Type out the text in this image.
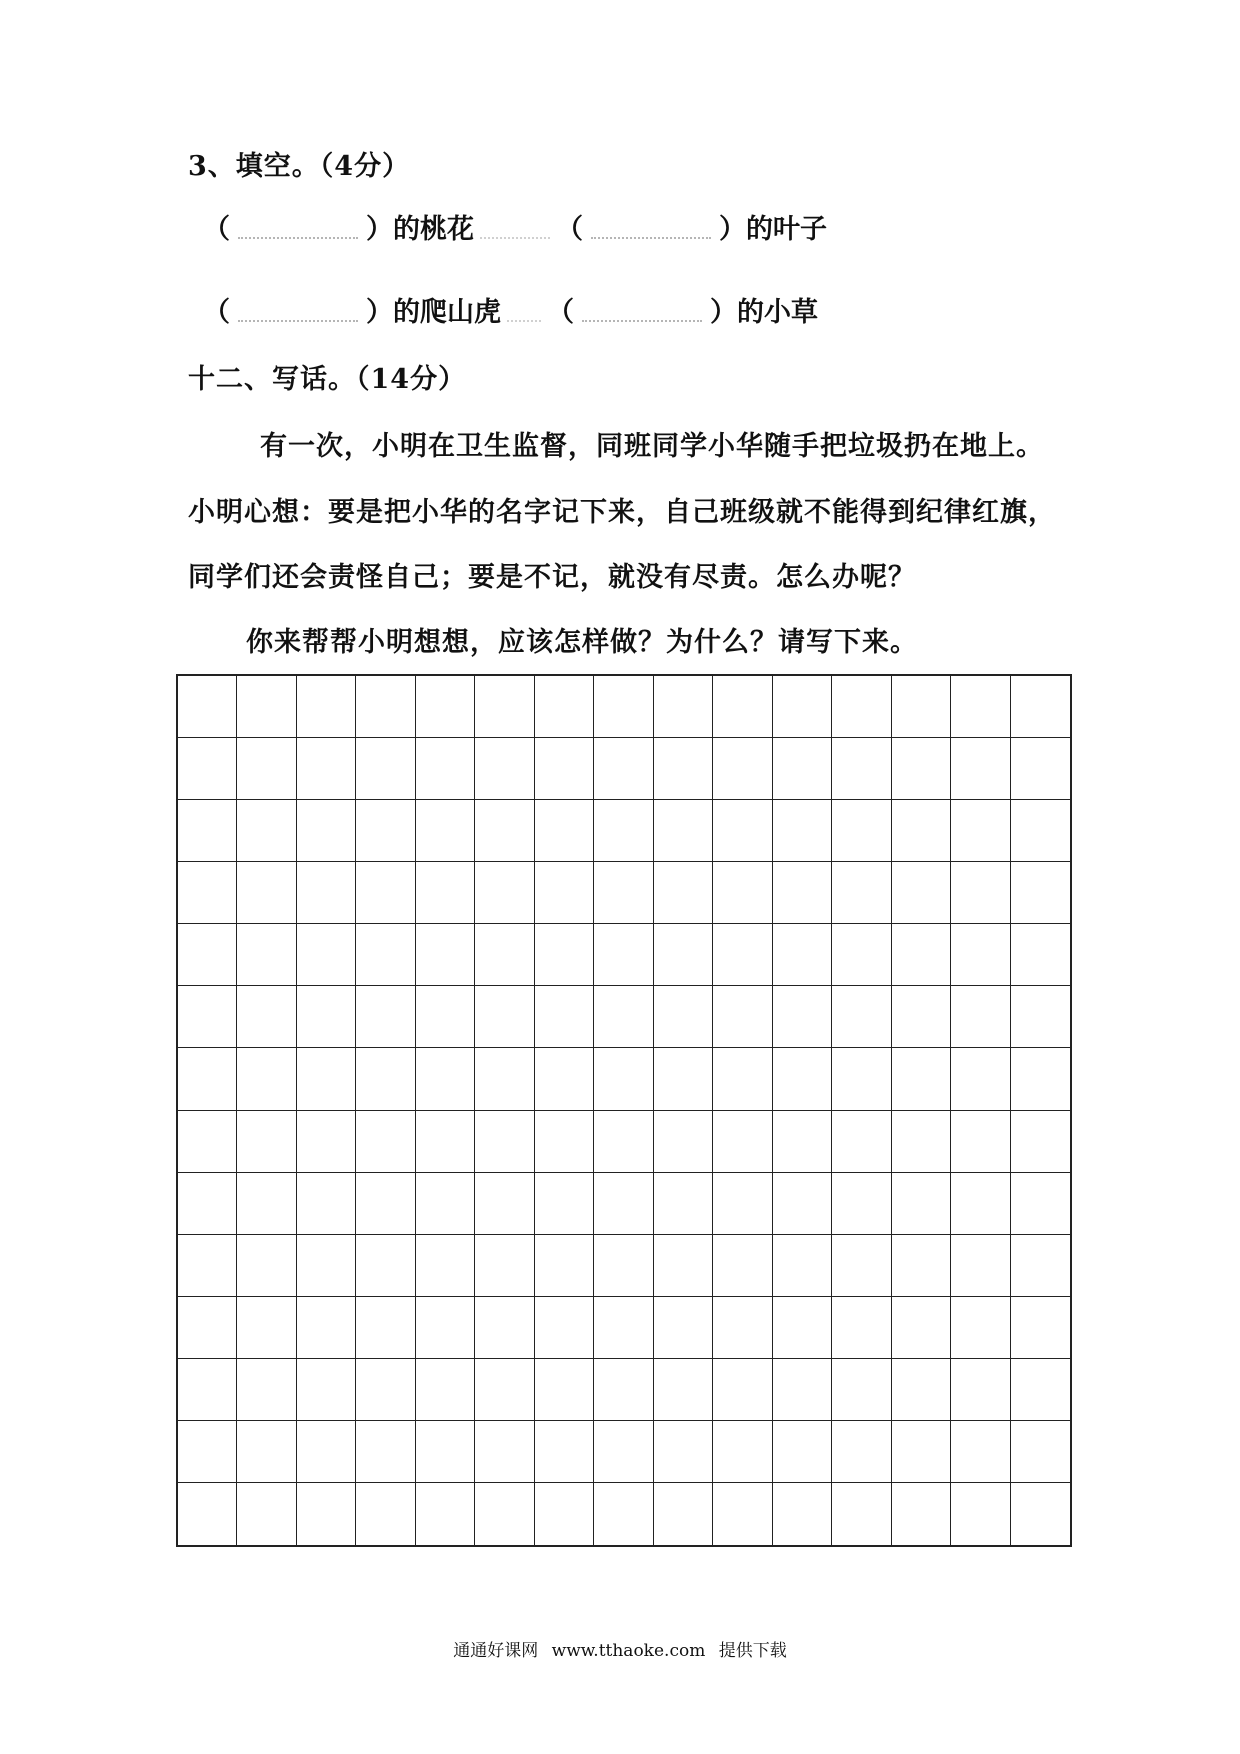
3、填空。（4分）
（	） 的桃花	（	） 的叶子
（	） 的爬山虎 （	） 的小草
十二、写话。（14分）
有一次，小明在卫生监督，同班同学小华随手把垃圾扔在地上。
小明心想：要是把小华的名字记下来，自己班级就不能得到纪律红旗，
同学们还会责怪自己；要是不记，就没有尽责。怎么办呢？
你来帮帮小明想想，应该怎样做？为什么？请写下来。
通通好课网 www.tthaoke.com 提供下载
